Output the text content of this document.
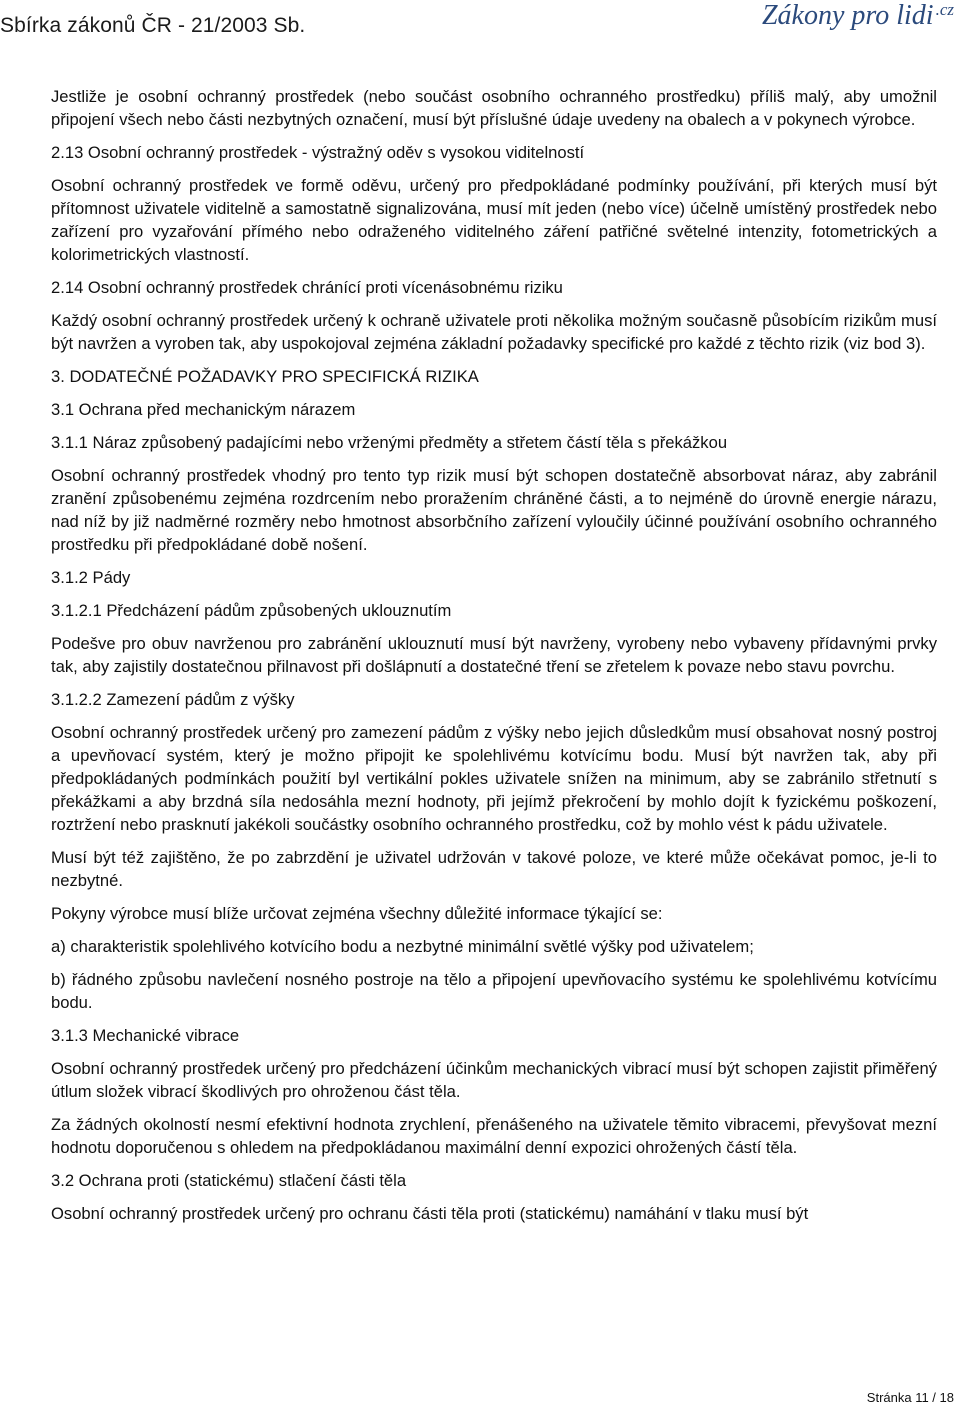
Sbírka zákonů ČR - 21/2003 Sb.	Zákony pro lidi $^{.cz}$

Jestliže je osobní ochranný prostředek (nebo součást osobního ochranného prostředku) příliš malý, aby umožnil připojení všech nebo části nezbytných označení, musí být příslušné údaje uvedeny na obalech a v pokynech výrobce.

2.13 Osobní ochranný prostředek - výstražný oděv s vysokou viditelností

Osobní ochranný prostředek ve formě oděvu, určený pro předpokládané podmínky používání, při kterých musí být přítomnost uživatele viditelně a samostatně signalizována, musí mít jeden (nebo více) účelně umístěný prostředek nebo zařízení pro vyzařování přímého nebo odraženého viditelného záření patřičné světelné intenzity, fotometrických a kolorimetrických vlastností.

2.14 Osobní ochranný prostředek chránící proti vícenásobnému riziku

Každý osobní ochranný prostředek určený k ochraně uživatele proti několika možným současně působícím rizikům musí být navržen a vyroben tak, aby uspokojoval zejména základní požadavky specifické pro každé z těchto rizik (viz bod 3).

3. DODATEČNÉ POŽADAVKY PRO SPECIFICKÁ RIZIKA

3.1 Ochrana před mechanickým nárazem

3.1.1 Náraz způsobený padajícími nebo vrženými předměty a střetem částí těla s překážkou

Osobní ochranný prostředek vhodný pro tento typ rizik musí být schopen dostatečně absorbovat náraz, aby zabránil zranění způsobenému zejména rozdrcením nebo proražením chráněné části, a to nejméně do úrovně energie nárazu, nad níž by již nadměrné rozměry nebo hmotnost absorbčního zařízení vyloučily účinné používání osobního ochranného prostředku při předpokládané době nošení.

3.1.2 Pády

3.1.2.1 Předcházení pádům způsobených uklouznutím

Podešve pro obuv navrženou pro zabránění uklouznutí musí být navrženy, vyrobeny nebo vybaveny přídavnými prvky tak, aby zajistily dostatečnou přilnavost při došlápnutí a dostatečné tření se zřetelem k povaze nebo stavu povrchu.

3.1.2.2 Zamezení pádům z výšky

Osobní ochranný prostředek určený pro zamezení pádům z výšky nebo jejich důsledkům musí obsahovat nosný postroj a upevňovací systém, který je možno připojit ke spolehlivému kotvícímu bodu. Musí být navržen tak, aby při předpokládaných podmínkách použití byl vertikální pokles uživatele snížen na minimum, aby se zabránilo střetnutí s překážkami a aby brzdná síla nedosáhla mezní hodnoty, při jejímž překročení by mohlo dojít k fyzickému poškození, roztržení nebo prasknutí jakékoli součástky osobního ochranného prostředku, což by mohlo vést k pádu uživatele.

Musí být též zajištěno, že po zabrzdění je uživatel udržován v takové poloze, ve které může očekávat pomoc, je-li to nezbytné.

Pokyny výrobce musí blíže určovat zejména všechny důležité informace týkající se:

a) charakteristik spolehlivého kotvícího bodu a nezbytné minimální světlé výšky pod uživatelem;

b) řádného způsobu navlečení nosného postroje na tělo a připojení upevňovacího systému ke spolehlivému kotvícímu bodu.

3.1.3 Mechanické vibrace

Osobní ochranný prostředek určený pro předcházení účinkům mechanických vibrací musí být schopen zajistit přiměřený útlum složek vibrací škodlivých pro ohroženou část těla.

Za žádných okolností nesmí efektivní hodnota zrychlení, přenášeného na uživatele těmito vibracemi, převyšovat mezní hodnotu doporučenou s ohledem na předpokládanou maximální denní expozici ohrožených částí těla.

3.2 Ochrana proti (statickému) stlačení části těla

Osobní ochranný prostředek určený pro ochranu části těla proti (statickému) namáhání v tlaku musí být

Stránka 11 / 18
